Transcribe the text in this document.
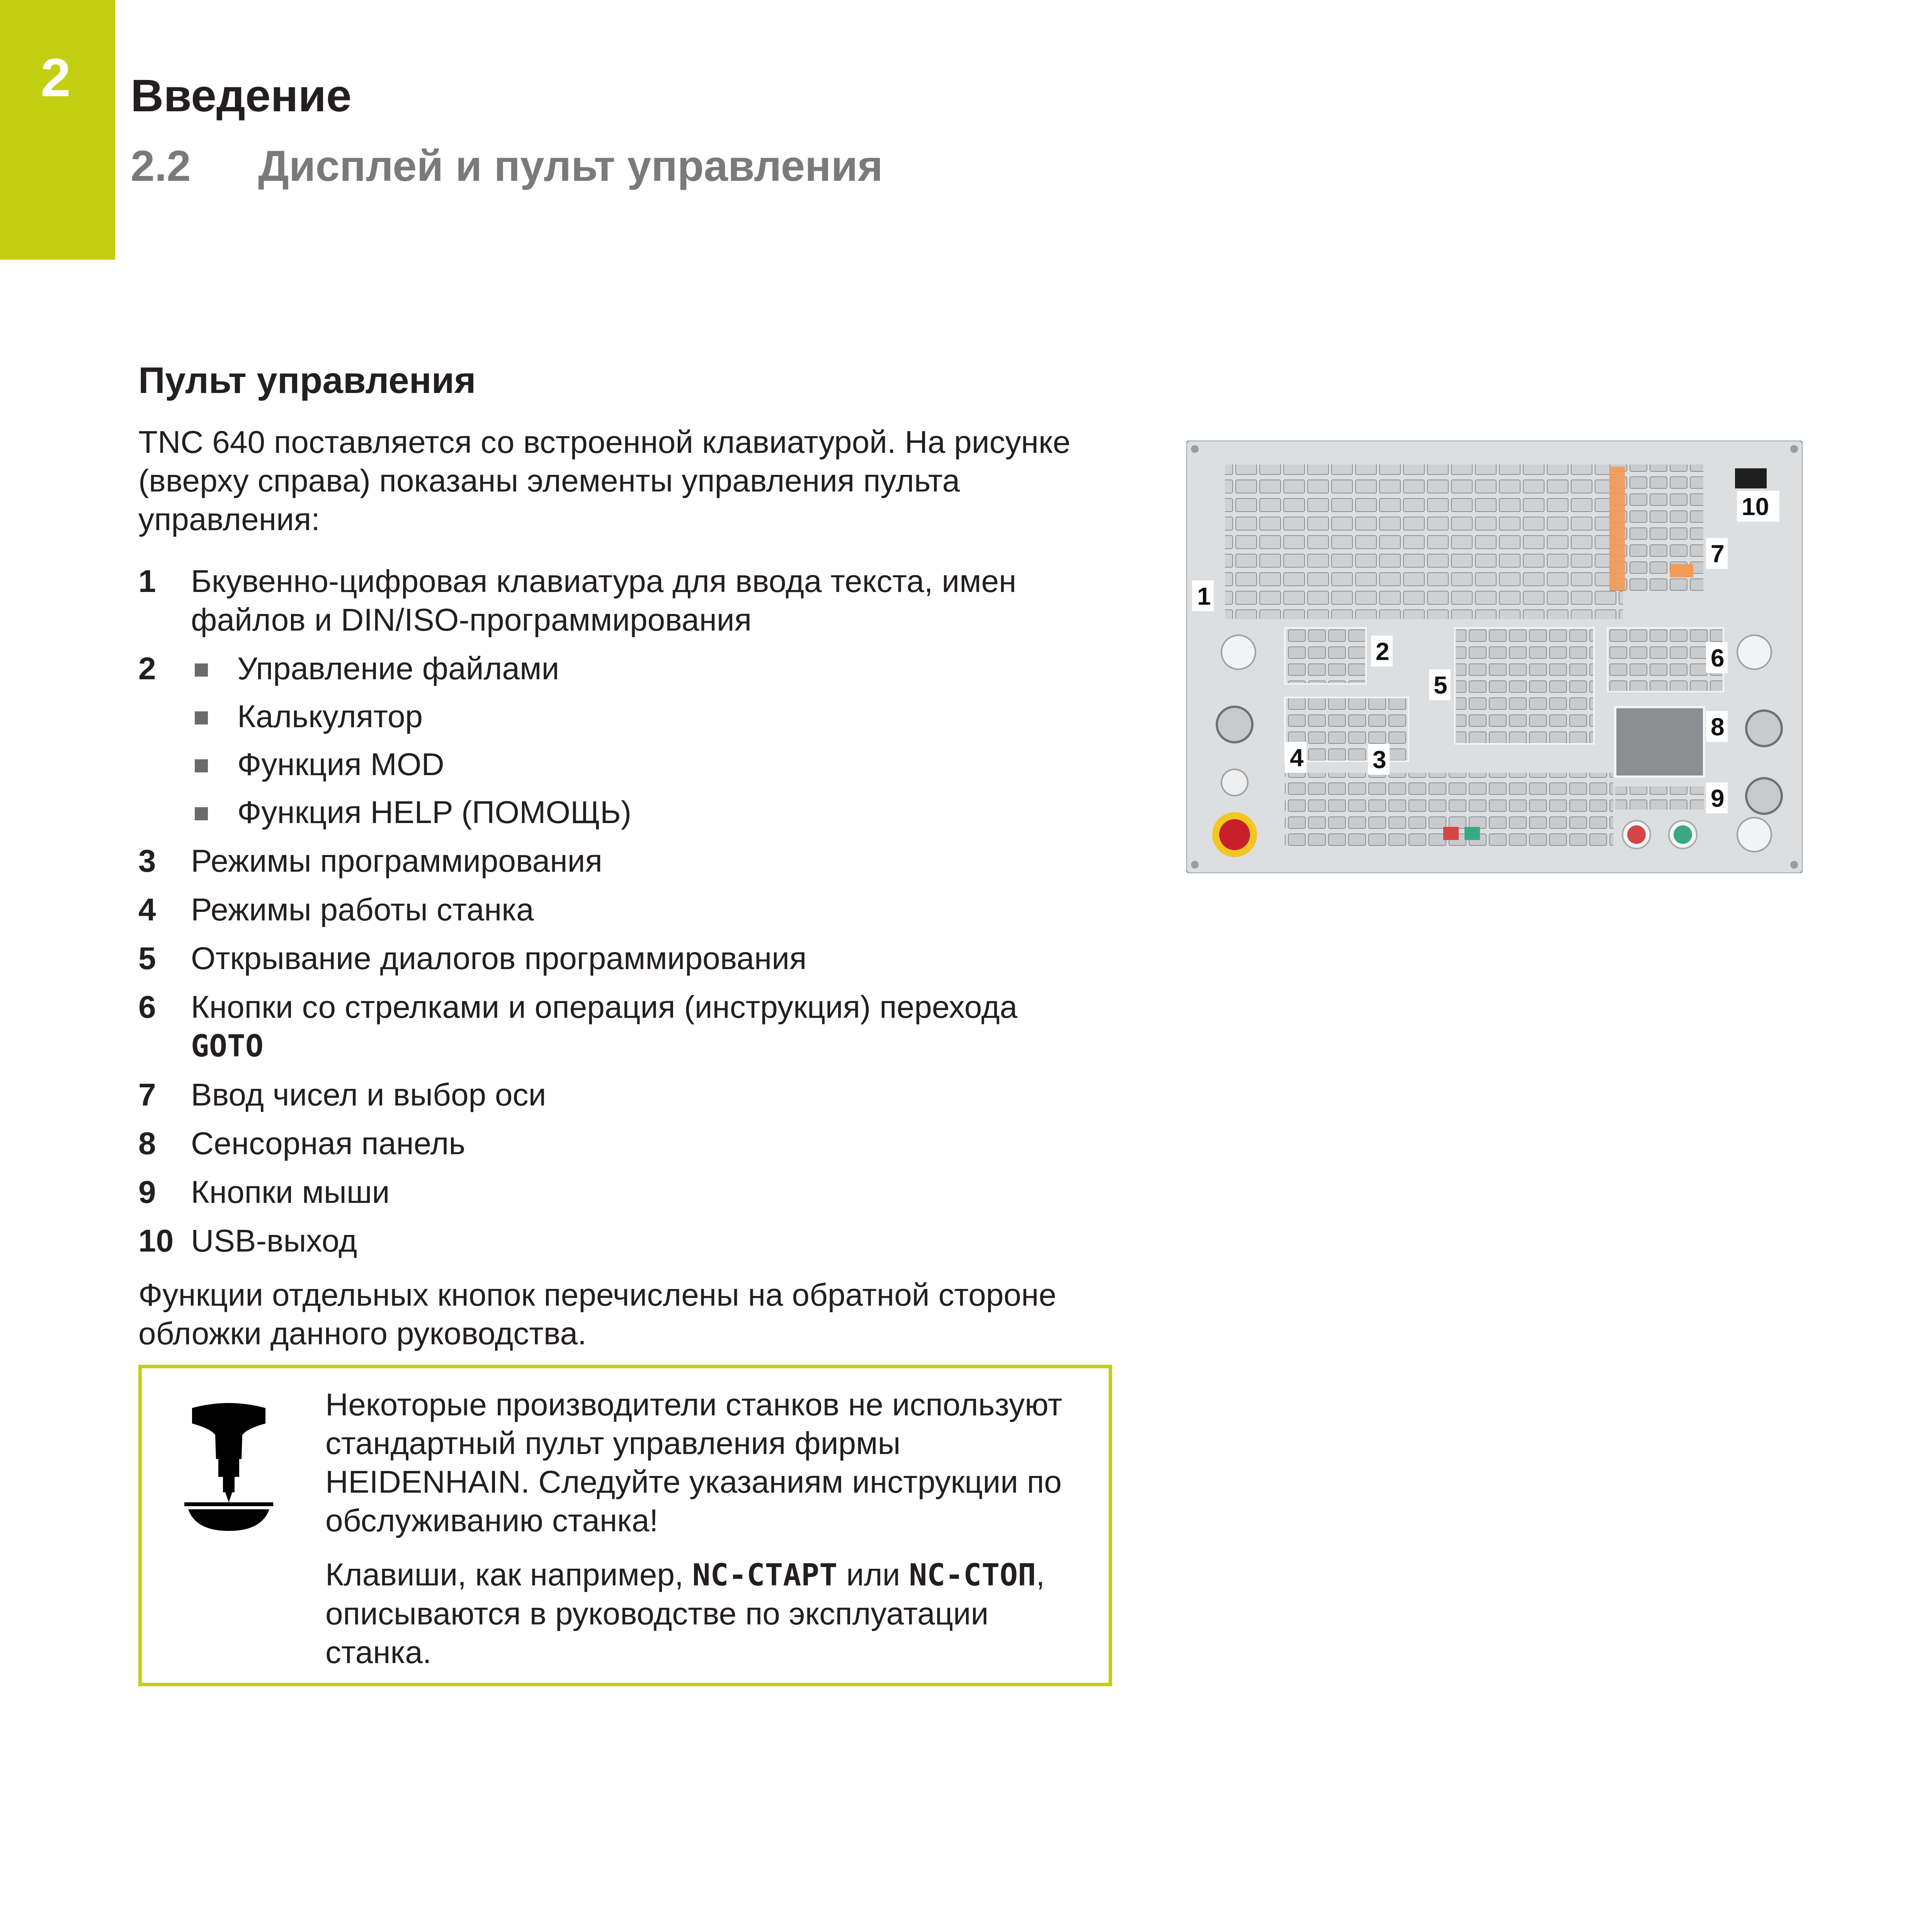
2 Введение
2.2 Дисплей и пульт управления
Пульт управления

TNC 640 поставляется со встроенной клавиатурой. На рисунке (вверху справа) показаны элементы управления пульта управления:

1 Бкувенно-цифровая клавиатура для ввода текста, имен файлов и DIN/ISO-программирования
2	Управление файлами
Калькулятор
Функция MOD
Функция HELP (ПОМОЩЬ)
3 Режимы программирования
4 Режимы работы станка
5 Открывание диалогов программирования
6 Кнопки со стрелками и операция (инструкция) перехода
GOTO
7 Ввод чисел и выбор оси
8 Сенсорная панель
9 Кнопки мыши
10 USB-выход

Функции отдельных кнопок перечислены на обратной стороне обложки данного руководства.

Некоторые производители станков не используют стандартный пульт управления фирмы HEIDENHAIN. Следуйте указаниям инструкции по обслуживанию станка!

Клавиши, как например, NC-СТАРТ или NC-СТОП, описываются в руководстве по эксплуатации станка.

1
2
3
4
5
6
7
8
9
10
